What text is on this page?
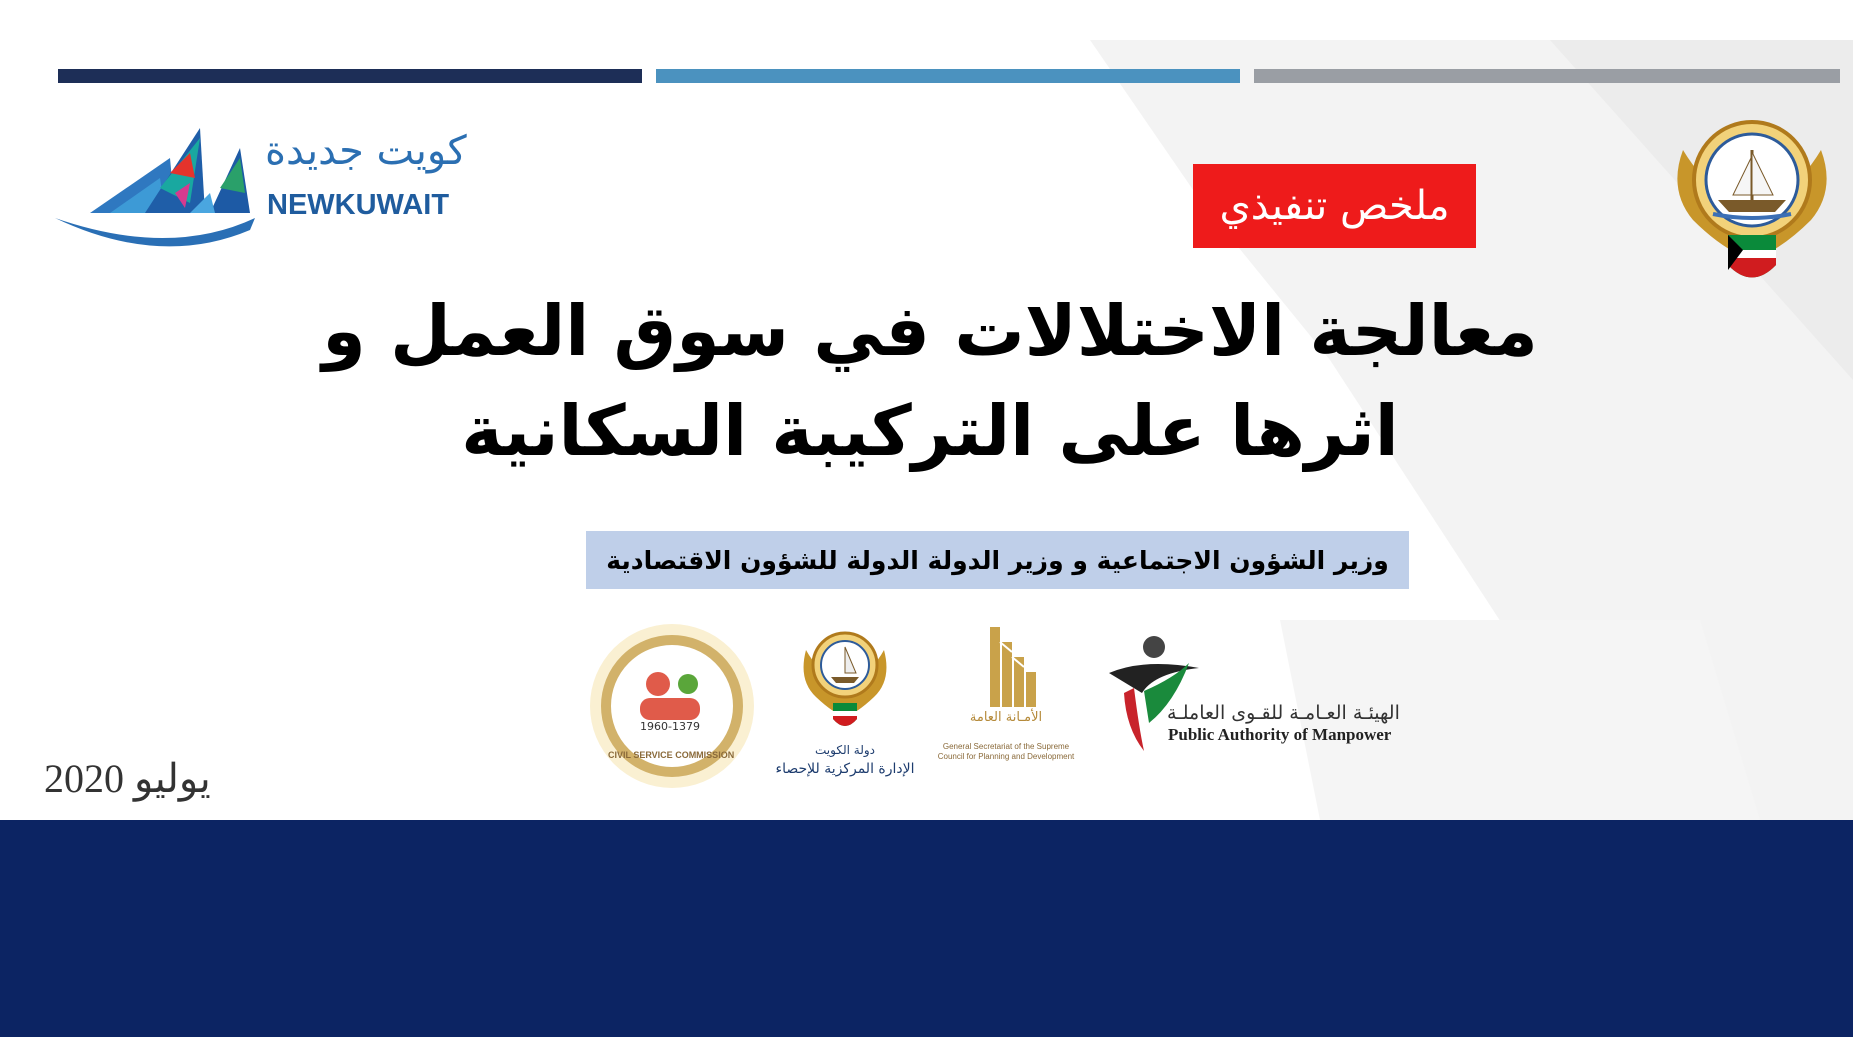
كويت جديدة
NEWKUWAIT	ملخص تنفيذي
معالجة الاختلالات في سوق العمل و
اثرها على التركيبة السكانية
وزير الشؤون الاجتماعية و وزير الدولة الدولة للشؤون الاقتصادية
1960-1379
CIVIL SERVICE COMMISSION	دولة الكويت
الإدارة المركزية للإحصاء
الأمـانة العامة
General Secretariat of the Supreme Council for Planning and Development
الهيئـة العـامـة للقـوى العاملـة
Public Authority of Manpower
يوليو 2020
